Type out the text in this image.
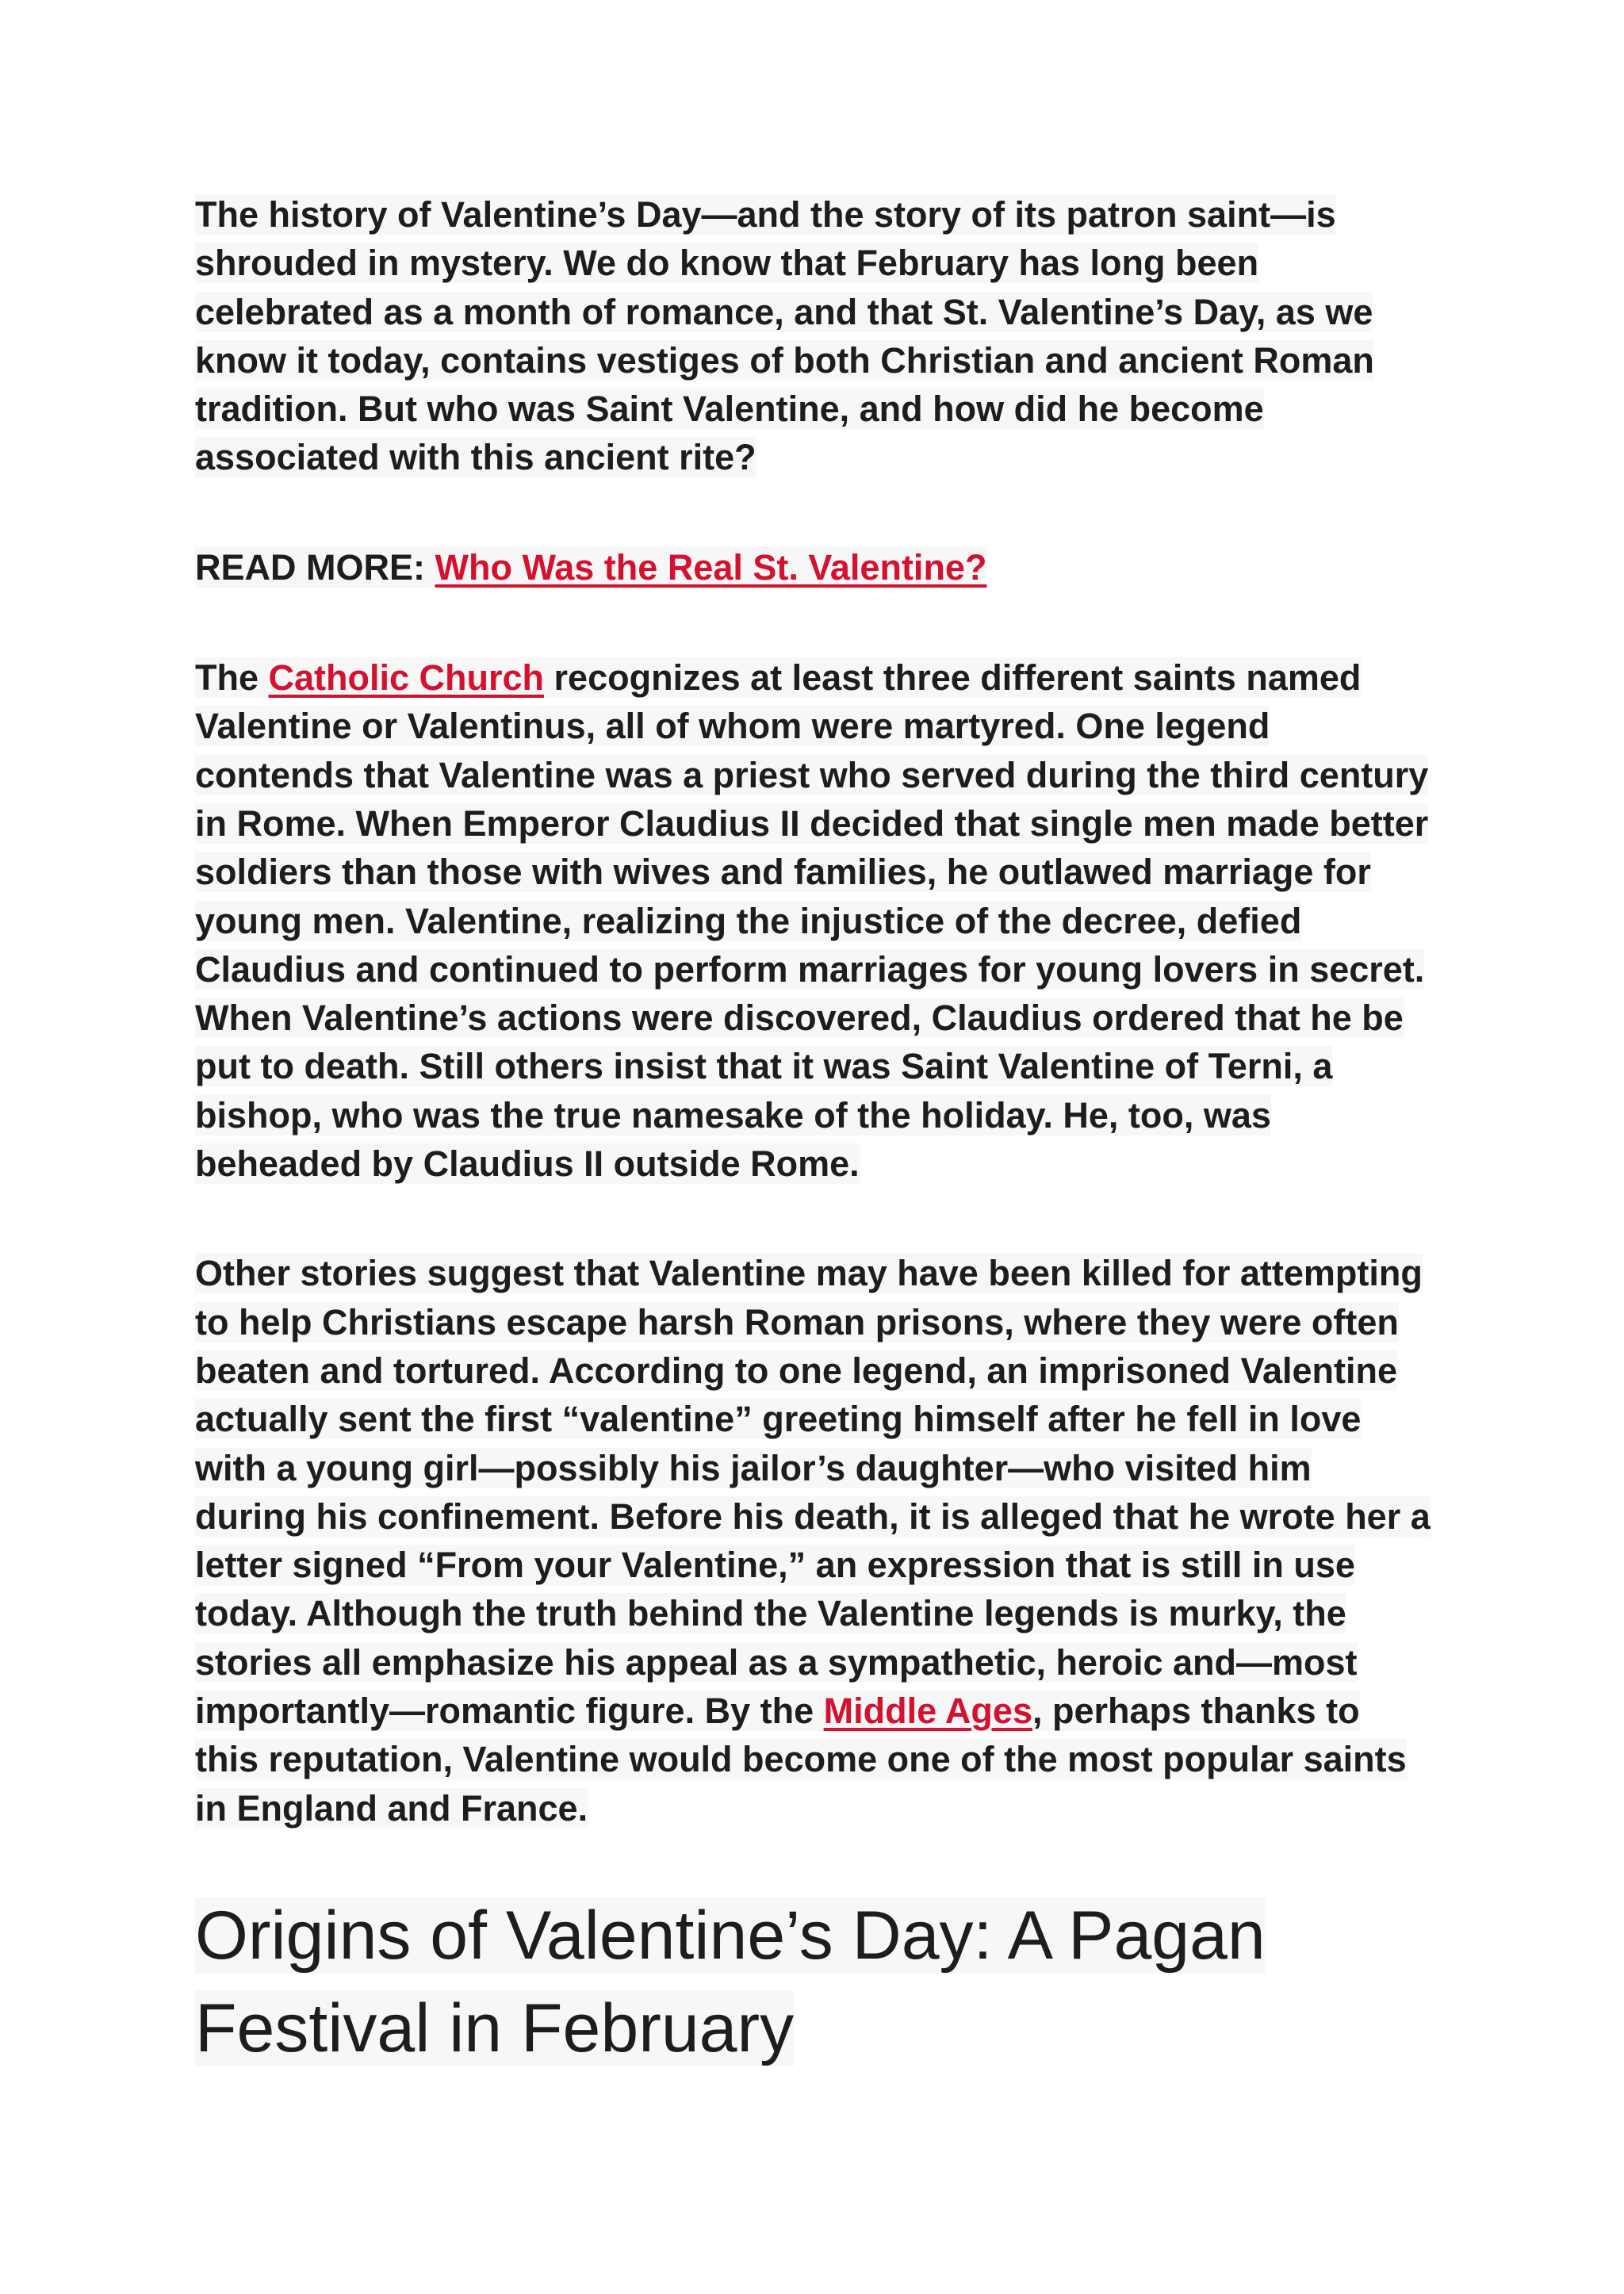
The history of Valentine’s Day—and the story of its patron saint—is shrouded in mystery. We do know that February has long been celebrated as a month of romance, and that St. Valentine’s Day, as we know it today, contains vestiges of both Christian and ancient Roman tradition. But who was Saint Valentine, and how did he become associated with this ancient rite?

READ MORE: Who Was the Real St. Valentine?

The Catholic Church recognizes at least three different saints named Valentine or Valentinus, all of whom were martyred. One legend contends that Valentine was a priest who served during the third century in Rome. When Emperor Claudius II decided that single men made better soldiers than those with wives and families, he outlawed marriage for young men. Valentine, realizing the injustice of the decree, defied Claudius and continued to perform marriages for young lovers in secret. When Valentine’s actions were discovered, Claudius ordered that he be put to death. Still others insist that it was Saint Valentine of Terni, a bishop, who was the true namesake of the holiday. He, too, was beheaded by Claudius II outside Rome.

Other stories suggest that Valentine may have been killed for attempting to help Christians escape harsh Roman prisons, where they were often beaten and tortured. According to one legend, an imprisoned Valentine actually sent the first “valentine” greeting himself after he fell in love with a young girl—possibly his jailor’s daughter—who visited him during his confinement. Before his death, it is alleged that he wrote her a letter signed “From your Valentine,” an expression that is still in use today. Although the truth behind the Valentine legends is murky, the stories all emphasize his appeal as a sympathetic, heroic and—most importantly—romantic figure. By the Middle Ages, perhaps thanks to this reputation, Valentine would become one of the most popular saints in England and France.

Origins of Valentine’s Day: A Pagan Festival in February
